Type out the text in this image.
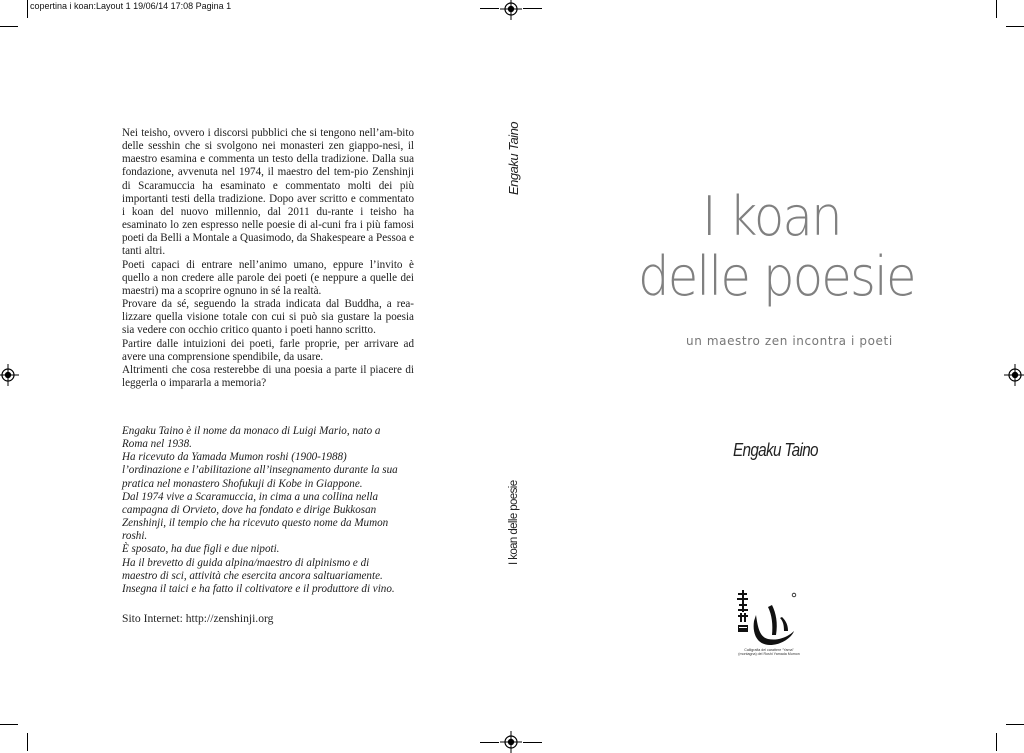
copertina i koan:Layout 1 19/06/14 17:08 Pagina 1

Nei teisho, ovvero i discorsi pubblici che si tengono nell’am-bito delle sesshin che si svolgono nei monasteri zen giappo-nesi, il maestro esamina e commenta un testo della tradizione. Dalla sua fondazione, avvenuta nel 1974, il maestro del tem-pio Zenshinji di Scaramuccia ha esaminato e commentato molti dei più importanti testi della tradizione. Dopo aver scritto e commentato i koan del nuovo millennio, dal 2011 du-rante i teisho ha esaminato lo zen espresso nelle poesie di al-cuni fra i più famosi poeti da Belli a Montale a Quasimodo, da Shakespeare a Pessoa e tanti altri.

Poeti capaci di entrare nell’animo umano, eppure l’invito è quello a non credere alle parole dei poeti (e neppure a quelle dei maestri) ma a scoprire ognuno in sé la realtà.

Provare da sé, seguendo la strada indicata dal Buddha, a rea-lizzare quella visione totale con cui si può sia gustare la poesia sia vedere con occhio critico quanto i poeti hanno scritto.

Partire dalle intuizioni dei poeti, farle proprie, per arrivare ad avere una comprensione spendibile, da usare.

Altrimenti che cosa resterebbe di una poesia a parte il piacere di leggerla o impararla a memoria?

Engaku Taino è il nome da monaco di Luigi Mario, nato a

Roma nel 1938.

Ha ricevuto da Yamada Mumon roshi (1900-1988)

l’ordinazione e l’abilitazione all’insegnamento durante la sua

pratica nel monastero Shofukuji di Kobe in Giappone.

Dal 1974 vive a Scaramuccia, in cima a una collina nella

campagna di Orvieto, dove ha fondato e dirige Bukkosan

Zenshinji, il tempio che ha ricevuto questo nome da Mumon

roshi.

È sposato, ha due figli e due nipoti.

Ha il brevetto di guida alpina/maestro di alpinismo e di

maestro di sci, attività che esercita ancora saltuariamente.

Insegna il taici e ha fatto il coltivatore e il produttore di vino.

Sito Internet: http://zenshinji.org
Engaku Taino
I koan delle poesie
I koan
delle poesie
un maestro zen incontra i poeti
Engaku Taino
Calligrafia del carattere “Yama” (montagna) del Roshi Yamada Mumon
